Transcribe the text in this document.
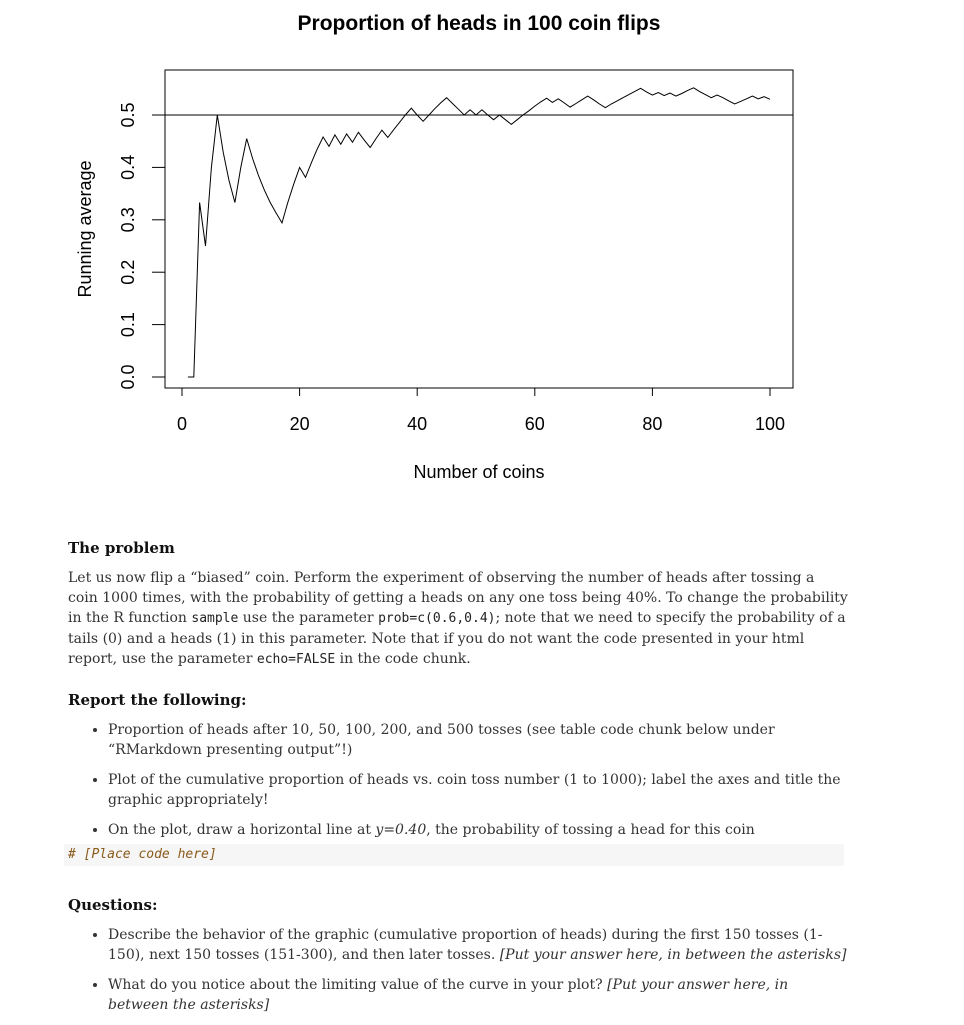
Proportion of heads in 100 coin flips
0	20	40	60	80	100
0.0
0.1
0.2
0.3
0.4
0.5
Number of coins
Running average
The problem

Let us now flip a “biased” coin. Perform the experiment of observing the number of heads after tossing a coin 1000 times, with the probability of getting a heads on any one toss being 40%. To change the probability in the R function sample use the parameter prob=c(0.6,0.4); note that we need to specify the probability of a tails (0) and a heads (1) in this parameter. Note that if you do not want the code presented in your html report, use the parameter echo=FALSE in the code chunk.

Report the following:
• Proportion of heads after 10, 50, 100, 200, and 500 tosses (see table code chunk below under “RMarkdown presenting output”!)
• Plot of the cumulative proportion of heads vs. coin toss number (1 to 1000); label the axes and title the graphic appropriately!
• On the plot, draw a horizontal line at y=0.40, the probability of tossing a head for this coin
# [Place code here]
Questions:
• Describe the behavior of the graphic (cumulative proportion of heads) during the first 150 tosses (1-150), next 150 tosses (151-300), and then later tosses. [Put your answer here, in between the asterisks]
• What do you notice about the limiting value of the curve in your plot? [Put your answer here, in between the asterisks]
